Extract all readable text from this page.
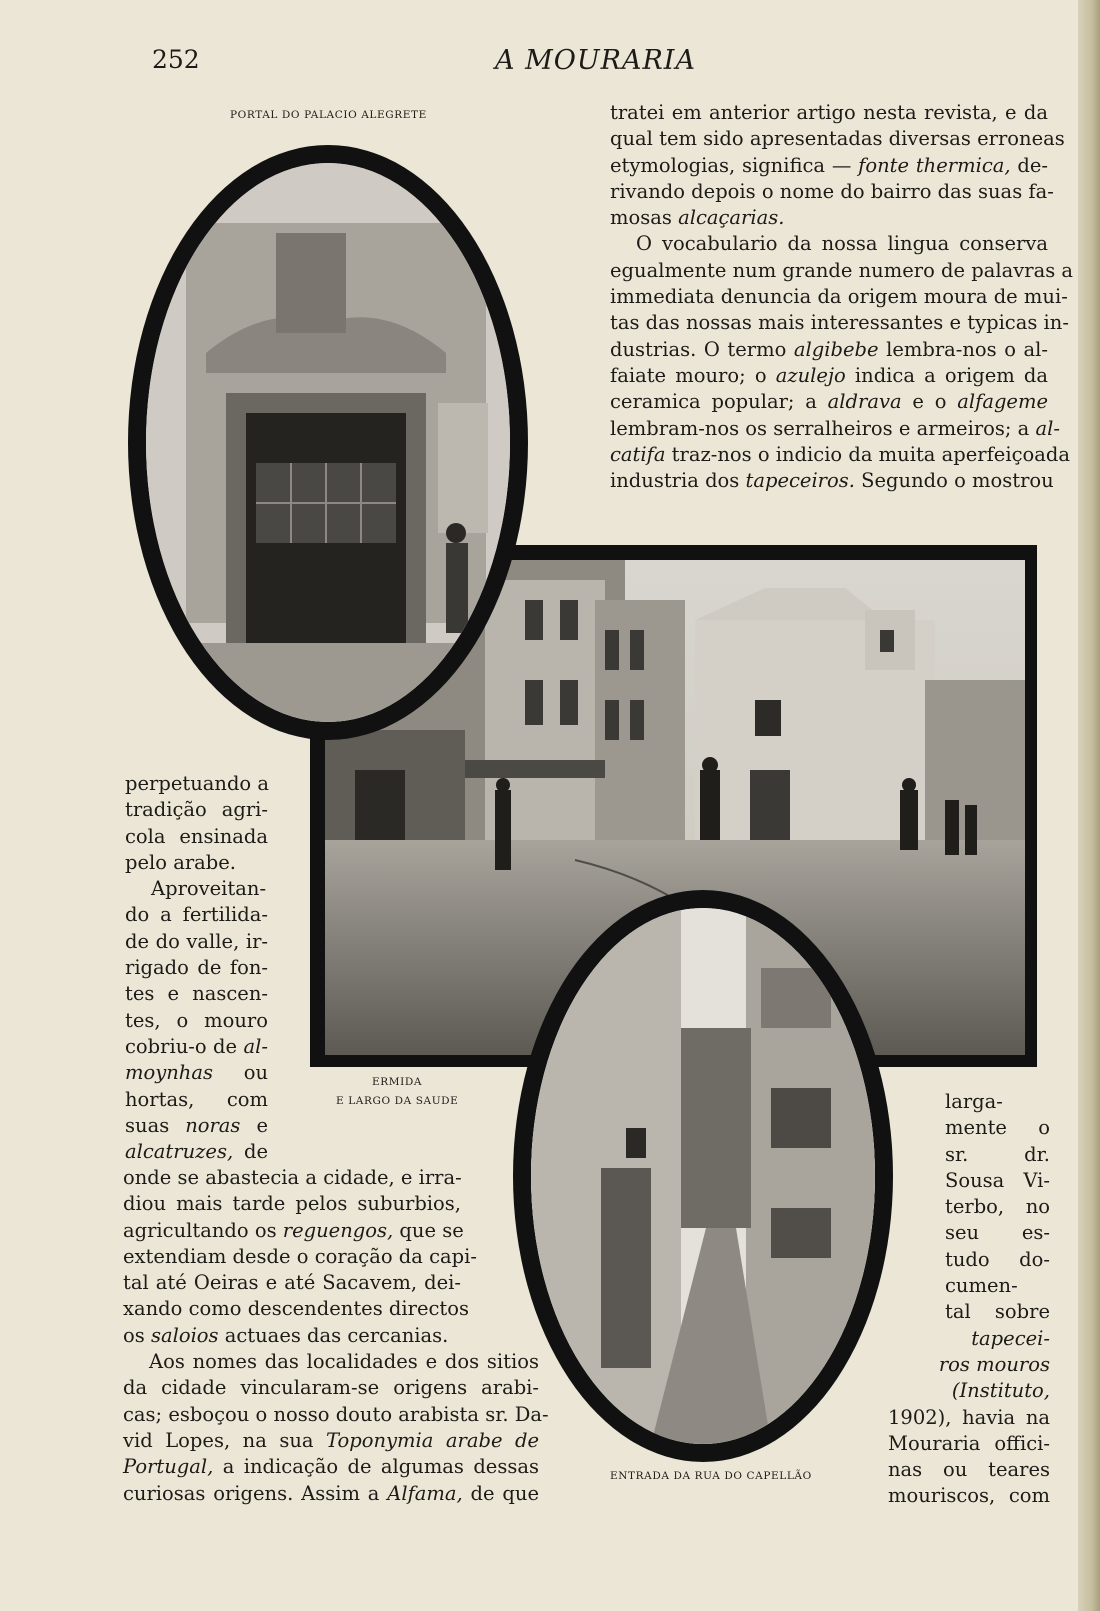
252	A MOURARIA
PORTAL DO PALACIO ALEGRETE
ERMIDA
E LARGO DA SAUDE
ENTRADA DA RUA DO CAPELLÃO
tratei em anterior artigo nesta revista, e da
qual tem sido apresentadas diversas erroneas
etymologias, significa — fonte thermica, de-
rivando depois o nome do bairro das suas fa-
mosas alcaçarias.
O vocabulario da nossa lingua conserva
egualmente num grande numero de palavras a
immediata denuncia da origem moura de mui-
tas das nossas mais interessantes e typicas in-
dustrias. O termo algibebe lembra-nos o al-
faiate mouro; o azulejo indica a origem da
ceramica popular; a aldrava e o alfageme
lembram-nos os serralheiros e armeiros; a al-
catifa traz-nos o indicio da muita aperfeiçoada
industria dos tapeceiros. Segundo o mostrou
perpetuando a
tradição agri-
cola ensinada
pelo arabe.
Aproveitan-
do a fertilida-
de do valle, ir-
rigado de fon-
tes e nascen-
tes, o mouro
cobriu-o de al-
moynhas ou
hortas, com
suas noras e
alcatruzes, de
onde se abastecia a cidade, e irra-
diou mais tarde pelos suburbios,
agricultando os reguengos, que se
extendiam desde o coração da capi-
tal até Oeiras e até Sacavem, dei-
xando como descendentes directos
os saloios actuaes das cercanias.
Aos nomes das localidades e dos sitios
da cidade vincularam-se origens arabi-
cas; esboçou o nosso douto arabista sr. Da-
vid Lopes, na sua Toponymia arabe de
Portugal, a indicação de algumas dessas
curiosas origens. Assim a Alfama, de que
larga-
mente o
sr. dr.
Sousa Vi-
terbo, no
seu es-
tudo do-
cumen-
tal sobre
tapecei-
ros mouros
(Instituto,
1902), havia na
Mouraria offici-
nas ou teares
mouriscos, com
